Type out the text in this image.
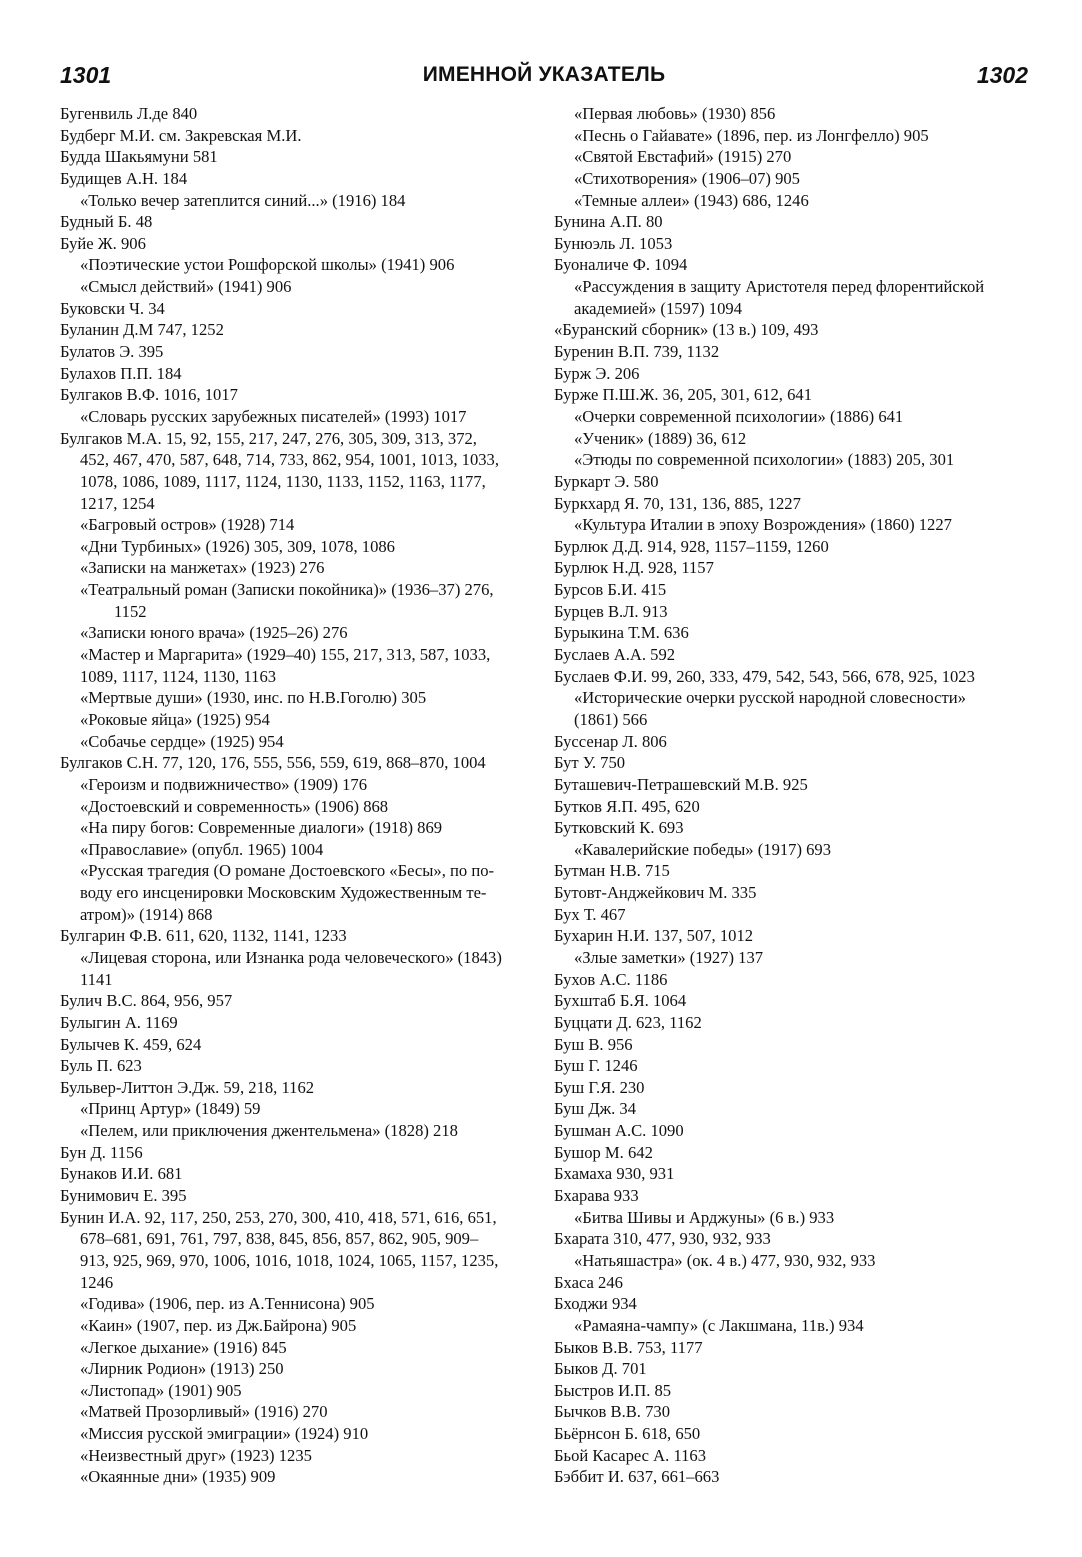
1301	ИМЕННОЙ УКАЗАТЕЛЬ	1302
Бугенвиль Л.де 840
Будберг М.И. см. Закревская М.И.
Будда Шакьямуни 581
Будищев А.Н. 184
«Только вечер затеплится синий...» (1916) 184
Будный Б. 48
Буйе Ж. 906
«Поэтические устои Рошфорской школы» (1941) 906
«Смысл действий» (1941) 906
Буковски Ч. 34
Буланин Д.М 747, 1252
Булатов Э. 395
Булахов П.П. 184
Булгаков В.Ф. 1016, 1017
«Словарь русских зарубежных писателей» (1993) 1017
Булгаков М.А. 15, 92, 155, 217, 247, 276, 305, 309, 313, 372,
452, 467, 470, 587, 648, 714, 733, 862, 954, 1001, 1013, 1033,
1078, 1086, 1089, 1117, 1124, 1130, 1133, 1152, 1163, 1177,
1217, 1254
«Багровый остров» (1928) 714
«Дни Турбиных» (1926) 305, 309, 1078, 1086
«Записки на манжетах» (1923) 276
«Театральный роман (Записки покойника)» (1936–37) 276,
1152
«Записки юного врача» (1925–26) 276
«Мастер и Маргарита» (1929–40) 155, 217, 313, 587, 1033,
1089, 1117, 1124, 1130, 1163
«Мертвые души» (1930, инс. по Н.В.Гоголю) 305
«Роковые яйца» (1925) 954
«Собачье сердце» (1925) 954
Булгаков С.Н. 77, 120, 176, 555, 556, 559, 619, 868–870, 1004
«Героизм и подвижничество» (1909) 176
«Достоевский и современность» (1906) 868
«На пиру богов: Современные диалоги» (1918) 869
«Православие» (опубл. 1965) 1004
«Русская трагедия (О романе Достоевского «Бесы», по по-
воду его инсценировки Московским Художественным те-
атром)» (1914) 868
Булгарин Ф.В. 611, 620, 1132, 1141, 1233
«Лицевая сторона, или Изнанка рода человеческого» (1843)
1141
Булич В.С. 864, 956, 957
Булыгин А. 1169
Булычев К. 459, 624
Буль П. 623
Бульвер-Литтон Э.Дж. 59, 218, 1162
«Принц Артур» (1849) 59
«Пелем, или приключения джентельмена» (1828) 218
Бун Д. 1156
Бунаков И.И. 681
Бунимович Е. 395
Бунин И.А. 92, 117, 250, 253, 270, 300, 410, 418, 571, 616, 651,
678–681, 691, 761, 797, 838, 845, 856, 857, 862, 905, 909–
913, 925, 969, 970, 1006, 1016, 1018, 1024, 1065, 1157, 1235,
1246
«Годива» (1906, пер. из А.Теннисона) 905
«Каин» (1907, пер. из Дж.Байрона) 905
«Легкое дыхание» (1916) 845
«Лирник Родион» (1913) 250
«Листопад» (1901) 905
«Матвей Прозорливый» (1916) 270
«Миссия русской эмиграции» (1924) 910
«Неизвестный друг» (1923) 1235
«Окаянные дни» (1935) 909
«Первая любовь» (1930) 856
«Песнь о Гайавате» (1896, пер. из Лонгфелло) 905
«Святой Евстафий» (1915) 270
«Стихотворения» (1906–07) 905
«Темные аллеи» (1943) 686, 1246
Бунина А.П. 80
Бунюэль Л. 1053
Буоналиче Ф. 1094
«Рассуждения в защиту Аристотеля перед флорентийской
академией» (1597) 1094
«Буранский сборник» (13 в.) 109, 493
Буренин В.П. 739, 1132
Бурж Э. 206
Бурже П.Ш.Ж. 36, 205, 301, 612, 641
«Очерки современной психологии» (1886) 641
«Ученик» (1889) 36, 612
«Этюды по современной психологии» (1883) 205, 301
Буркарт Э. 580
Буркхард Я. 70, 131, 136, 885, 1227
«Культура Италии в эпоху Возрождения» (1860) 1227
Бурлюк Д.Д. 914, 928, 1157–1159, 1260
Бурлюк Н.Д. 928, 1157
Бурсов Б.И. 415
Бурцев В.Л. 913
Бурыкина Т.М. 636
Буслаев А.А. 592
Буслаев Ф.И. 99, 260, 333, 479, 542, 543, 566, 678, 925, 1023
«Исторические очерки русской народной словесности»
(1861) 566
Буссенар Л. 806
Бут У. 750
Буташевич-Петрашевский М.В. 925
Бутков Я.П. 495, 620
Бутковский К. 693
«Кавалерийские победы» (1917) 693
Бутман Н.В. 715
Бутовт-Анджейкович М. 335
Бух Т. 467
Бухарин Н.И. 137, 507, 1012
«Злые заметки» (1927) 137
Бухов А.С. 1186
Бухштаб Б.Я. 1064
Буццати Д. 623, 1162
Буш В. 956
Буш Г. 1246
Буш Г.Я. 230
Буш Дж. 34
Бушман А.С. 1090
Бушор М. 642
Бхамаха 930, 931
Бхарава 933
«Битва Шивы и Арджуны» (6 в.) 933
Бхарата 310, 477, 930, 932, 933
«Натьяшастра» (ок. 4 в.) 477, 930, 932, 933
Бхаса 246
Бходжи 934
«Рамаяна-чампу» (с Лакшмана, 11в.) 934
Быков В.В. 753, 1177
Быков Д. 701
Быстров И.П. 85
Бычков В.В. 730
Бьёрнсон Б. 618, 650
Бьой Касарес А. 1163
Бэббит И. 637, 661–663
